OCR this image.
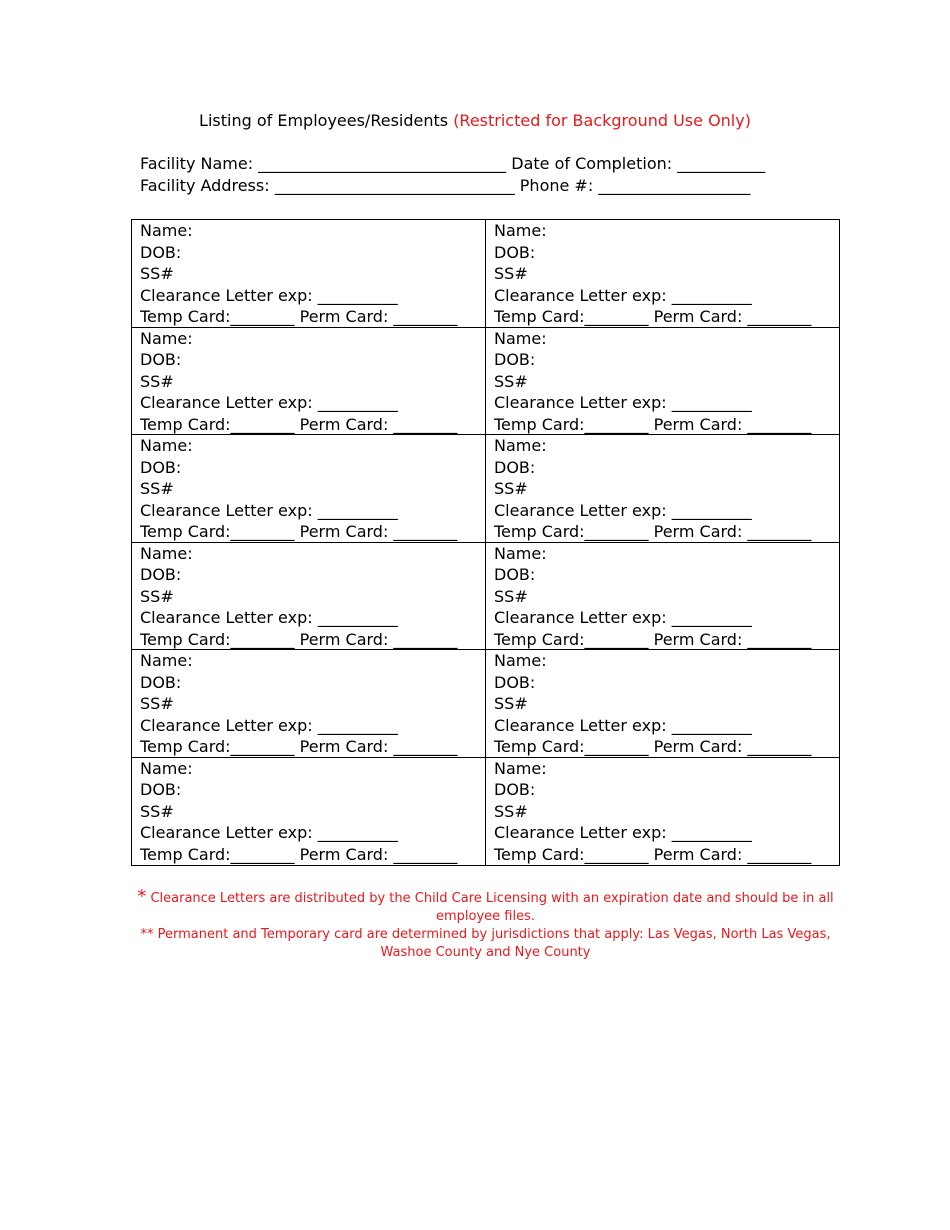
Listing of Employees/Residents (Restricted for Background Use Only)
Facility Name: _______________________________ Date of Completion: ___________
Facility Address: ______________________________ Phone #: ___________________
Name:
DOB:
SS#
Clearance Letter exp: __________
Temp Card:________ Perm Card: ________
Name:
DOB:
SS#
Clearance Letter exp: __________
Temp Card:________ Perm Card: ________
Name:
DOB:
SS#
Clearance Letter exp: __________
Temp Card:________ Perm Card: ________
Name:
DOB:
SS#
Clearance Letter exp: __________
Temp Card:________ Perm Card: ________
Name:
DOB:
SS#
Clearance Letter exp: __________
Temp Card:________ Perm Card: ________
Name:
DOB:
SS#
Clearance Letter exp: __________
Temp Card:________ Perm Card: ________
Name:
DOB:
SS#
Clearance Letter exp: __________
Temp Card:________ Perm Card: ________
Name:
DOB:
SS#
Clearance Letter exp: __________
Temp Card:________ Perm Card: ________
Name:
DOB:
SS#
Clearance Letter exp: __________
Temp Card:________ Perm Card: ________
Name:
DOB:
SS#
Clearance Letter exp: __________
Temp Card:________ Perm Card: ________
Name:
DOB:
SS#
Clearance Letter exp: __________
Temp Card:________ Perm Card: ________
Name:
DOB:
SS#
Clearance Letter exp: __________
Temp Card:________ Perm Card: ________
* Clearance Letters are distributed by the Child Care Licensing with an expiration date and should be in all employee files.
** Permanent and Temporary card are determined by jurisdictions that apply: Las Vegas, North Las Vegas, Washoe County and Nye County
